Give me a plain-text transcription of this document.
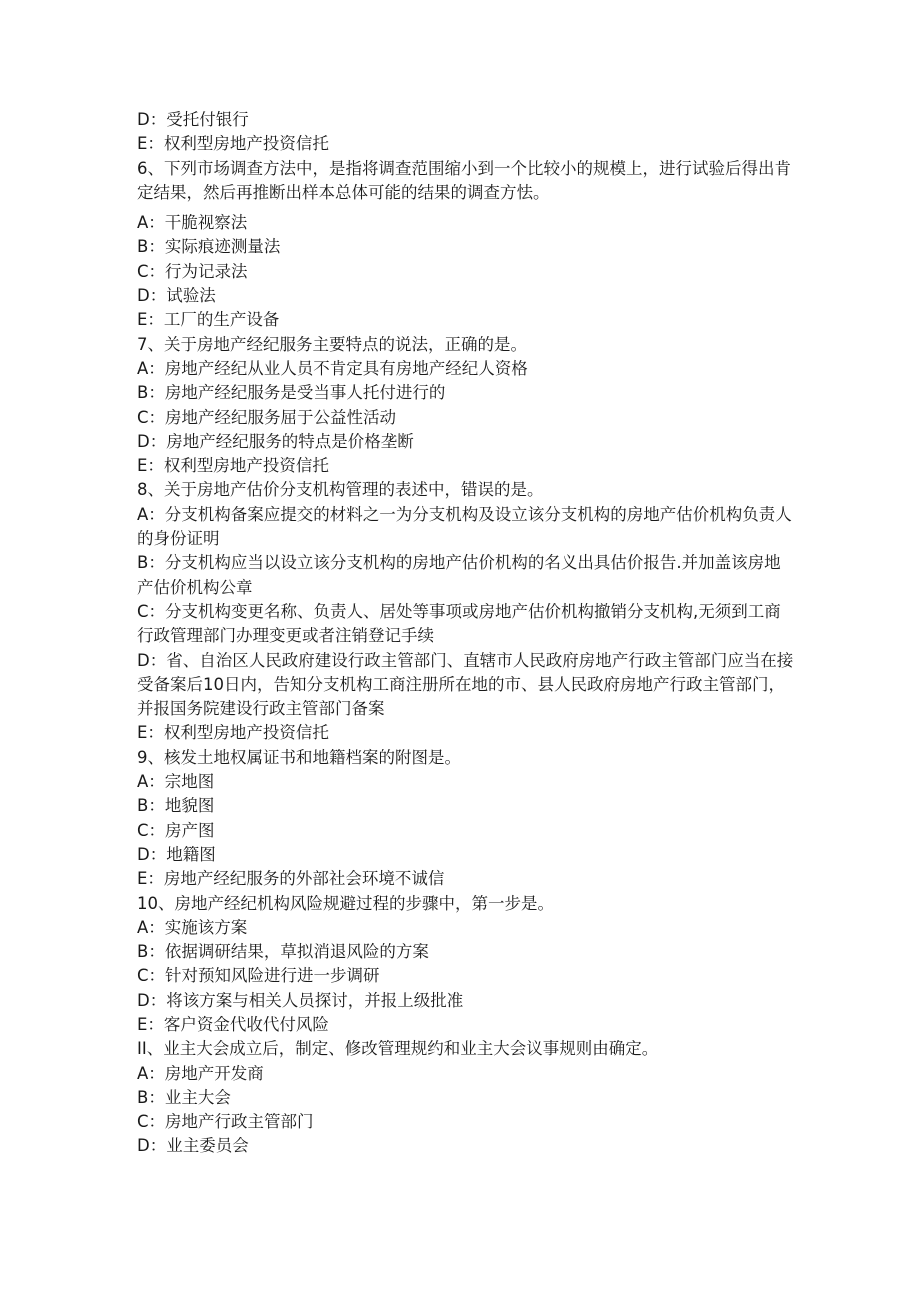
D：受托付银行
E：权利型房地产投资信托
6、下列市场调查方法中，是指将调查范围缩小到一个比较小的规模上，进行试验后得出肯定结果，然后再推断出样本总体可能的结果的调查方怯。
A：干脆视察法
B：实际痕迹测量法
C：行为记录法
D：试验法
E：工厂的生产设备
7、关于房地产经纪服务主要特点的说法，正确的是。
A：房地产经纪从业人员不肯定具有房地产经纪人资格
B：房地产经纪服务是受当事人托付进行的
C：房地产经纪服务屈于公益性活动
D：房地产经纪服务的特点是价格垄断
E：权利型房地产投资信托
8、关于房地产估价分支机构管理的表述中，错误的是。
A：分支机构备案应提交的材料之一为分支机构及设立该分支机构的房地产估价机构负责人的身份证明
B：分支机构应当以设立该分支机构的房地产估价机构的名义出具估价报告.并加盖该房地产估价机构公章
C：分支机构变更名称、负责人、居处等事项或房地产估价机构撤销分支机构,无须到工商行政管理部门办理变更或者注销登记手续
D：省、自治区人民政府建设行政主管部门、直辖市人民政府房地产行政主管部门应当在接受备案后10日内，告知分支机构工商注册所在地的市、县人民政府房地产行政主管部门，并报国务院建设行政主管部门备案
E：权利型房地产投资信托
9、核发土地权属证书和地籍档案的附图是。
A：宗地图
B：地貌图
C：房产图
D：地籍图
E：房地产经纪服务的外部社会环境不诚信
10、房地产经纪机构风险规避过程的步骤中，第一步是。
A：实施该方案
B：依据调研结果，草拟消退风险的方案
C：针对预知风险进行进一步调研
D：将该方案与相关人员探讨，并报上级批准
E：客户资金代收代付风险
II、业主大会成立后，制定、修改管理规约和业主大会议事规则由确定。
A：房地产开发商
B：业主大会
C：房地产行政主管部门
D：业主委员会
